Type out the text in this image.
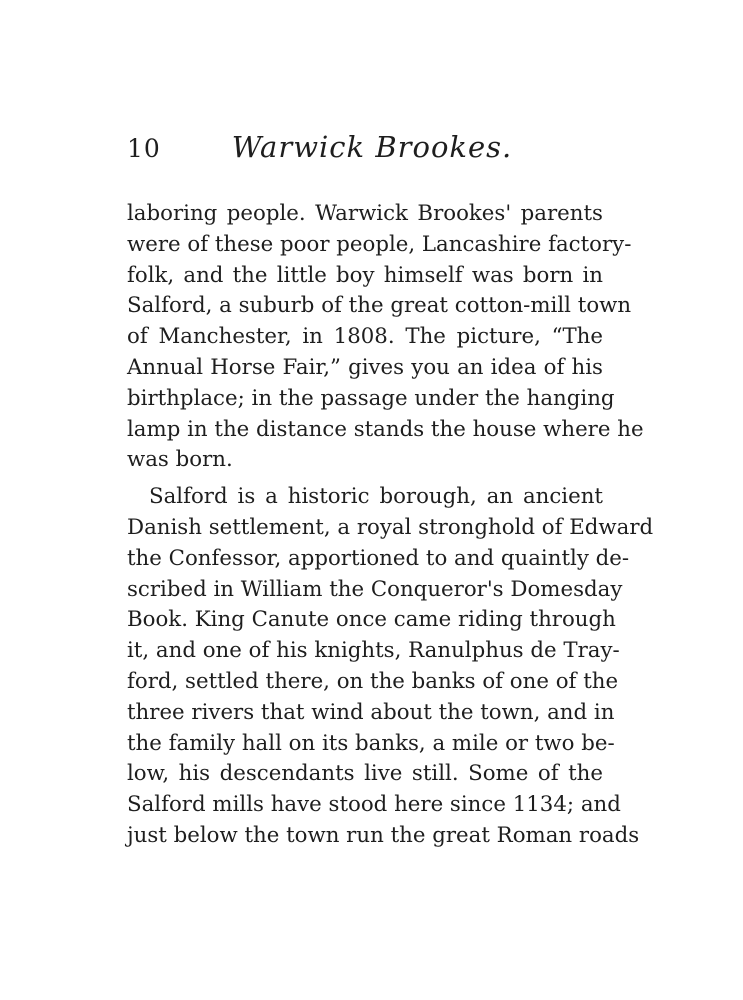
10	Warwick Brookes.

laboring people. Warwick Brookes' parents
were of these poor people, Lancashire factory-
folk, and the little boy himself was born in
Salford, a suburb of the great cotton-mill town
of Manchester, in 1808. The picture, “The
Annual Horse Fair,” gives you an idea of his
birthplace; in the passage under the hanging
lamp in the distance stands the house where he
was born.

Salford is a historic borough, an ancient
Danish settlement, a royal stronghold of Edward
the Confessor, apportioned to and quaintly de-
scribed in William the Conqueror's Domesday
Book. King Canute once came riding through
it, and one of his knights, Ranulphus de Tray-
ford, settled there, on the banks of one of the
three rivers that wind about the town, and in
the family hall on its banks, a mile or two be-
low, his descendants live still. Some of the
Salford mills have stood here since 1134; and
just below the town run the great Roman roads
